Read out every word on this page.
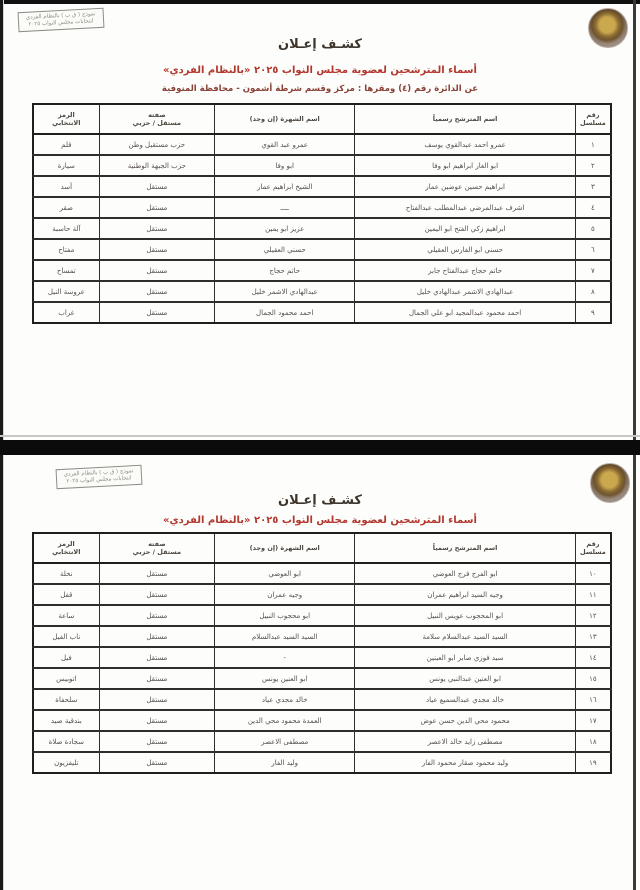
نموذج ( ق ب ) بالنظام الفردي
انتخابات مجلس النواب ٢٠٢٥
كشـف إعـلان
أسماء المترشحين لعضوية مجلس النواب ٢٠٢٥ «بالنظام الفردي»
عن الدائرة رقم (٤) ومقرها : مركز وقسم شرطة أشمون - محافظة المنوفية
رقم
مسلسل

اسم المترشح رسمياً

اسم الشهرة (إن وجد)

صفته
مستقل / حزبي

الرمز
الانتخابي

١	عمرو احمد عبدالقوي يوسف	عمرو عبد القوي	حزب مستقبل وطن	قلم
٢	ابو الغار ابراهيم ابو وفا	ابو وفا	حزب الجبهة الوطنية	سيارة
٣	ابراهيم حسين عوضين عمار	الشيخ ابراهيم عمار	مستقل	أسد
٤	اشرف عبدالمرضي عبدالمطلب عبدالفتاح	ــــ	مستقل	صقر
٥	ابراهيم زكي الفتح ابو اليمين	عزيز ابو يمين	مستقل	آلة حاسبة
٦	حسني ابو الفارس العقيلي	حسني العقيلي	مستقل	مفتاح
٧	حاتم حجاج عبدالفتاح جابر	حاتم حجاج	مستقل	تمساح
٨	عبدالهادي الاشمر عبدالهادي خليل	عبدالهادي الاشمر خليل	مستقل	عروسة النيل
٩	احمد محمود عبدالمجيد ابو علي الجمال	احمد محمود الجمال	مستقل	غراب
نموذج ( ق ب ) بالنظام الفردي
انتخابات مجلس النواب ٢٠٢٥
كشـف إعـلان
أسماء المترشحين لعضوية مجلس النواب ٢٠٢٥ «بالنظام الفردي»
رقم
مسلسل

اسم المترشح رسمياً

اسم الشهرة (إن وجد)

صفته
مستقل / حزبي

الرمز
الانتخابي

١٠	ابو الفرج فرج العوضي	ابو العوضي	مستقل	نخلة
١١	وجيه السيد ابراهيم عمران	وجيه عمران	مستقل	قفل
١٢	ابو المحجوب عويس النبيل	ابو محجوب النبيل	مستقل	ساعة
١٣	السيد السيد عبدالسلام سلامة	السيد السيد عبدالسلام	مستقل	ناب الفيل
١٤	سيد فوزي صابر ابو العينين	-	مستقل	فيل
١٥	ابو العنين عبدالنبي يونس	ابو العنين يونس	مستقل	اتوبيس
١٦	خالد مجدي عبدالسميع عياد	خالد مجدي عياد	مستقل	سلحفاة
١٧	محمود محي الدين حسن عوض	العمدة محمود محي الدين	مستقل	بندقية صيد
١٨	مصطفى زايد خالد الاعصر	مصطفى الاعصر	مستقل	سجادة صلاة
١٩	وليد محمود صقار محمود الفار	وليد الفار	مستقل	تليفزيون
